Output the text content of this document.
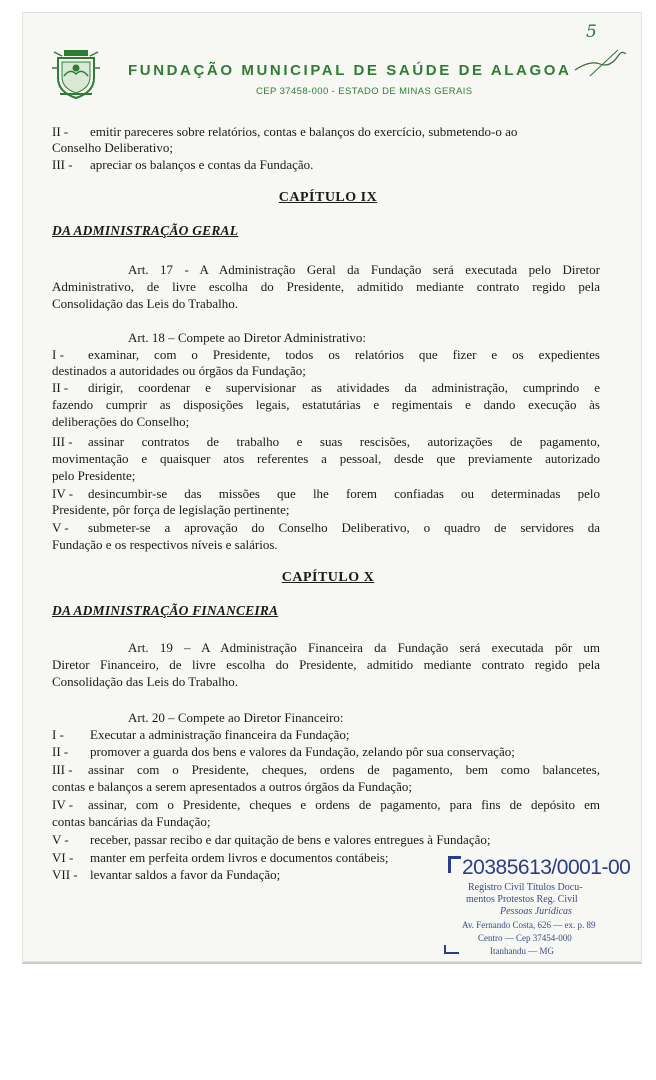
FUNDAÇÃO MUNICIPAL DE SAÚDE DE ALAGOA
CEP 37458-000 - ESTADO DE MINAS GERAIS
5
II - emitir pareceres sobre relatórios, contas e balanços do exercício, submetendo-o ao
Conselho Deliberativo;
III - apreciar os balanços e contas da Fundação.
CAPÍTULO IX
DA ADMINISTRAÇÃO GERAL
Art. 17 - A Administração Geral da Fundação será executada pelo Diretor
Administrativo, de livre escolha do Presidente, admitido mediante contrato regido pela
Consolidação das Leis do Trabalho.
Art. 18 – Compete ao Diretor Administrativo:
I - examinar, com o Presidente, todos os relatórios que fizer e os expedientes
destinados a autoridades ou órgãos da Fundação;
II - dirigir, coordenar e supervisionar as atividades da administração, cumprindo e
fazendo cumprir as disposições legais, estatutárias e regimentais e dando execução às
deliberações do Conselho;
III - assinar contratos de trabalho e suas rescisões, autorizações de pagamento,
movimentação e quaisquer atos referentes a pessoal, desde que previamente autorizado
pelo Presidente;
IV - desincumbir-se das missões que lhe forem confiadas ou determinadas pelo
Presidente, pôr força de legislação pertinente;
V - submeter-se a aprovação do Conselho Deliberativo, o quadro de servidores da
Fundação e os respectivos níveis e salários.
CAPÍTULO X
DA ADMINISTRAÇÃO FINANCEIRA
Art. 19 – A Administração Financeira da Fundação será executada pôr um
Diretor Financeiro, de livre escolha do Presidente, admitido mediante contrato regido pela
Consolidação das Leis do Trabalho.
Art. 20 – Compete ao Diretor Financeiro:
I - Executar a administração financeira da Fundação;
II - promover a guarda dos bens e valores da Fundação, zelando pôr sua conservação;
III - assinar com o Presidente, cheques, ordens de pagamento, bem como balancetes,
contas e balanços a serem apresentados a outros órgãos da Fundação;
IV - assinar, com o Presidente, cheques e ordens de pagamento, para fins de depósito em
contas bancárias da Fundação;
V - receber, passar recibo e dar quitação de bens e valores entregues à Fundação;
VI - manter em perfeita ordem livros e documentos contábeis;
VII - levantar saldos a favor da Fundação;	20385613/0001-00
Registro Civil Títulos Docu-
mentos Protestos Reg. Civil
Pessoas Jurídicas
Av. Fernando Costa, 626 — ex. p. 89
Centro — Cep 37454-000
Itanhandu — MG
